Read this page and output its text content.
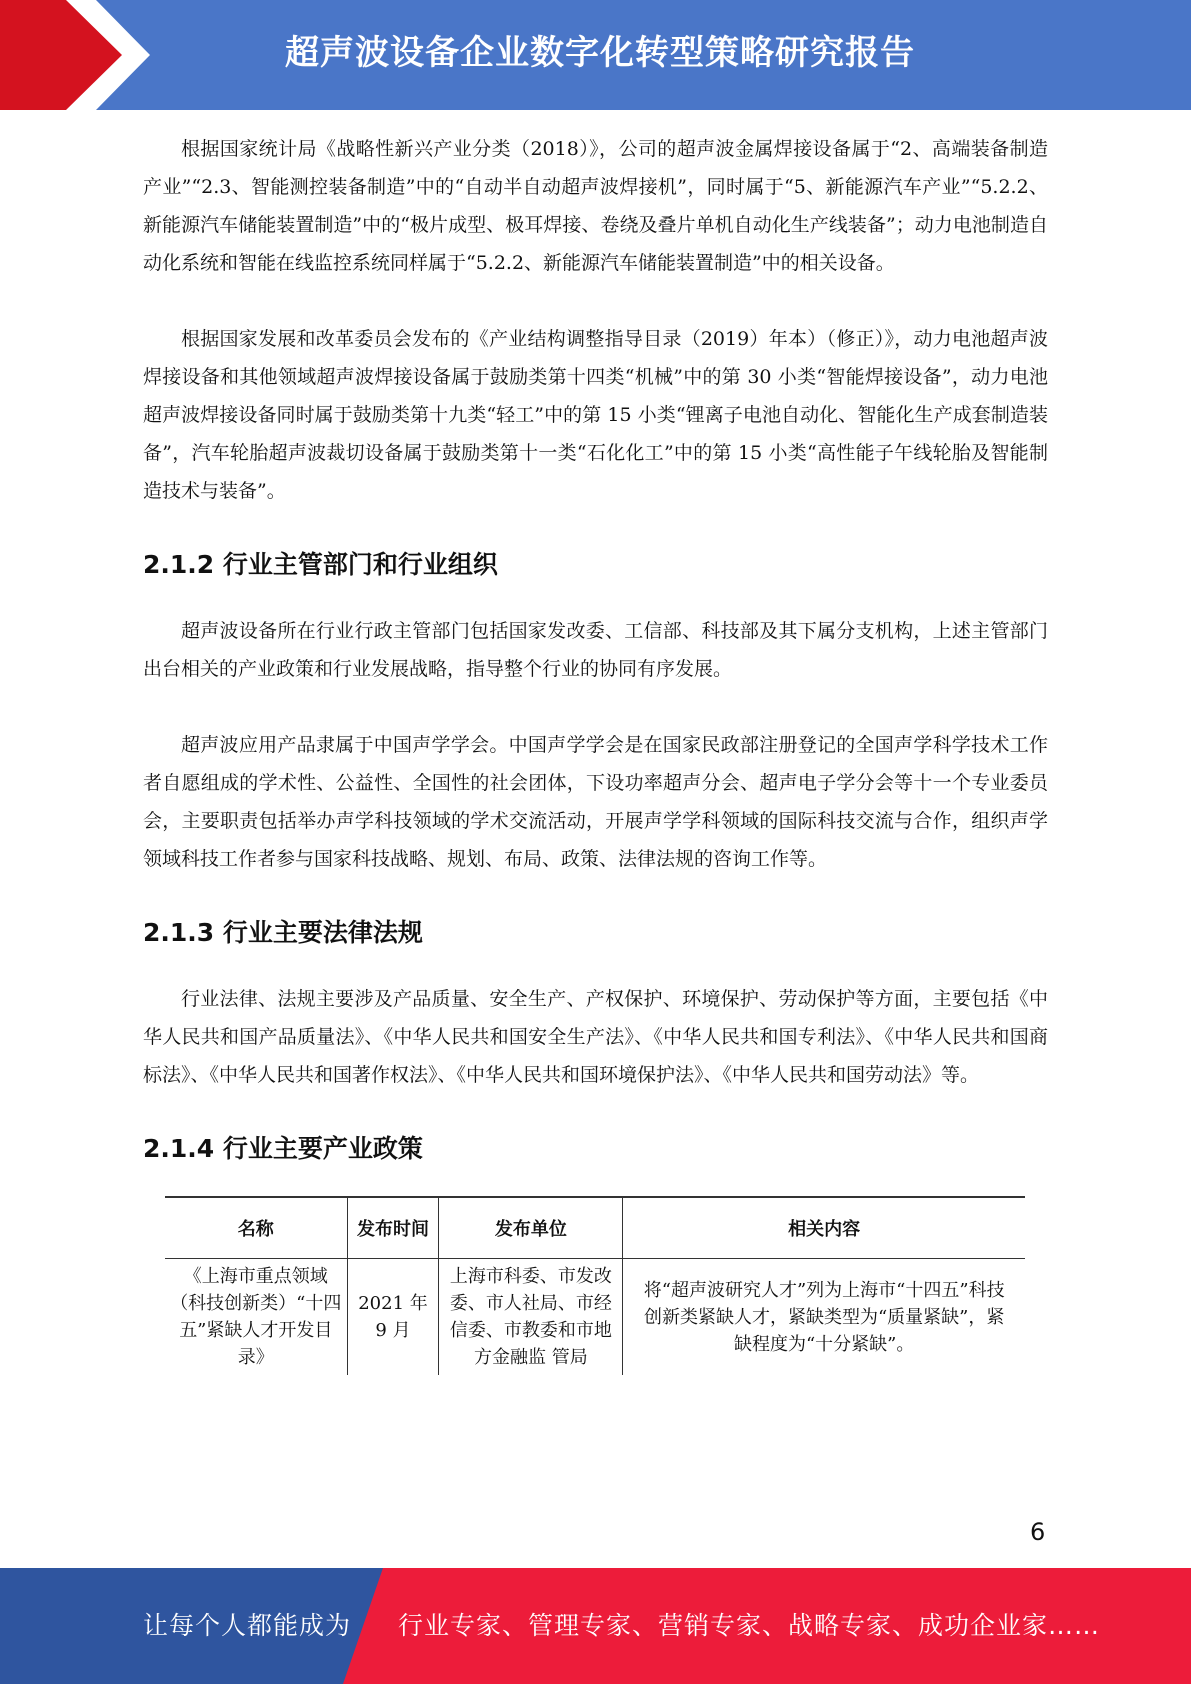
超声波设备企业数字化转型策略研究报告

根据国家统计局《战略性新兴产业分类（2018）》，公司的超声波金属焊接设备属于“2、高端装备制造产业”“2.3、智能测控装备制造”中的“自动半自动超声波焊接机”，同时属于“5、新能源汽车产业”“5.2.2、新能源汽车储能装置制造”中的“极片成型、极耳焊接、卷绕及叠片单机自动化生产线装备”；动力电池制造自动化系统和智能在线监控系统同样属于“5.2.2、新能源汽车储能装置制造”中的相关设备。

根据国家发展和改革委员会发布的《产业结构调整指导目录（2019）年本）（修正）》，动力电池超声波焊接设备和其他领域超声波焊接设备属于鼓励类第十四类“机械”中的第 30 小类“智能焊接设备”，动力电池超声波焊接设备同时属于鼓励类第十九类“轻工”中的第 15 小类“锂离子电池自动化、智能化生产成套制造装备”，汽车轮胎超声波裁切设备属于鼓励类第十一类“石化化工”中的第 15 小类“高性能子午线轮胎及智能制造技术与装备”。

2.1.2 行业主管部门和行业组织

超声波设备所在行业行政主管部门包括国家发改委、工信部、科技部及其下属分支机构，上述主管部门出台相关的产业政策和行业发展战略，指导整个行业的协同有序发展。

超声波应用产品隶属于中国声学学会。中国声学学会是在国家民政部注册登记的全国声学科学技术工作者自愿组成的学术性、公益性、全国性的社会团体，下设功率超声分会、超声电子学分会等十一个专业委员会，主要职责包括举办声学科技领域的学术交流活动，开展声学学科领域的国际科技交流与合作，组织声学领域科技工作者参与国家科技战略、规划、布局、政策、法律法规的咨询工作等。

2.1.3 行业主要法律法规

行业法律、法规主要涉及产品质量、安全生产、产权保护、环境保护、劳动保护等方面，主要包括《中华人民共和国产品质量法》、《中华人民共和国安全生产法》、《中华人民共和国专利法》、《中华人民共和国商标法》、《中华人民共和国著作权法》、《中华人民共和国环境保护法》、《中华人民共和国劳动法》等。

2.1.4 行业主要产业政策
名称	发布时间	发布单位	相关内容
《上海市重点领域（科技创新类）“十四五”紧缺人才开发目录》	2021 年 9 月	上海市科委、市发改委、市人社局、市经信委、市教委和市地方金融监 管局	将“超声波研究人才”列为上海市“十四五”科技创新类紧缺人才，紧缺类型为“质量紧缺”，紧缺程度为“十分紧缺”。
6
让每个人都能成为 行业专家、管理专家、营销专家、战略专家、成功企业家……
